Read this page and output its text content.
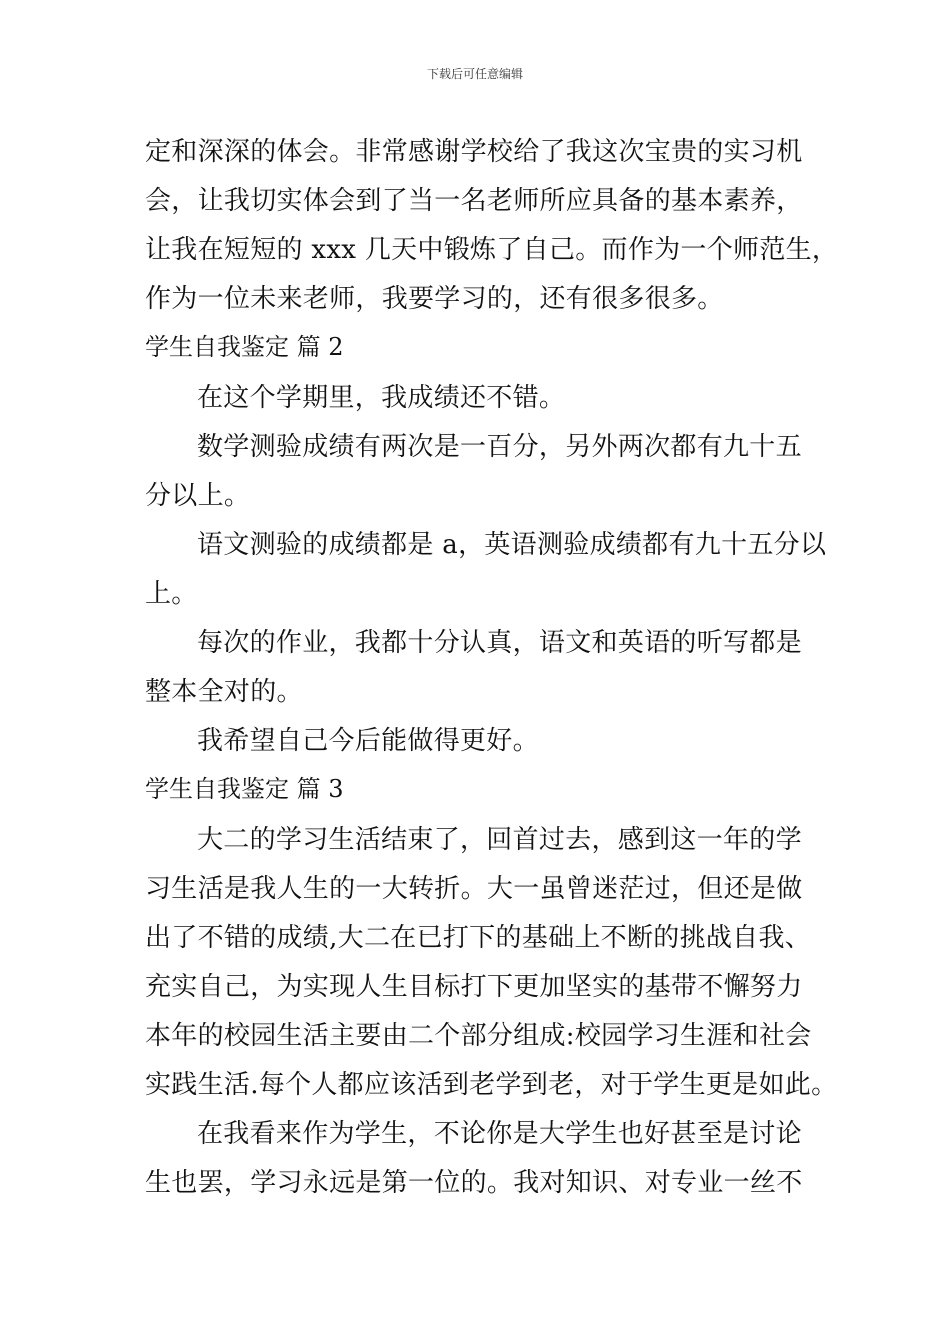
下载后可任意编辑
定和深深的体会。非常感谢学校给了我这次宝贵的实习机
会，让我切实体会到了当一名老师所应具备的基本素养，
让我在短短的 xxx 几天中锻炼了自己。而作为一个师范生，
作为一位未来老师，我要学习的，还有很多很多。
学生自我鉴定 篇 2
在这个学期里，我成绩还不错。
数学测验成绩有两次是一百分，另外两次都有九十五
分以上。
语文测验的成绩都是 a，英语测验成绩都有九十五分以
上。
每次的作业，我都十分认真，语文和英语的听写都是
整本全对的。
我希望自己今后能做得更好。
学生自我鉴定 篇 3
大二的学习生活结束了，回首过去，感到这一年的学
习生活是我人生的一大转折。大一虽曾迷茫过，但还是做
出了不错的成绩,大二在已打下的基础上不断的挑战自我、
充实自己，为实现人生目标打下更加坚实的基带不懈努力
本年的校园生活主要由二个部分组成:校园学习生涯和社会
实践生活.每个人都应该活到老学到老，对于学生更是如此。
在我看来作为学生，不论你是大学生也好甚至是讨论
生也罢，学习永远是第一位的。我对知识、对专业一丝不
